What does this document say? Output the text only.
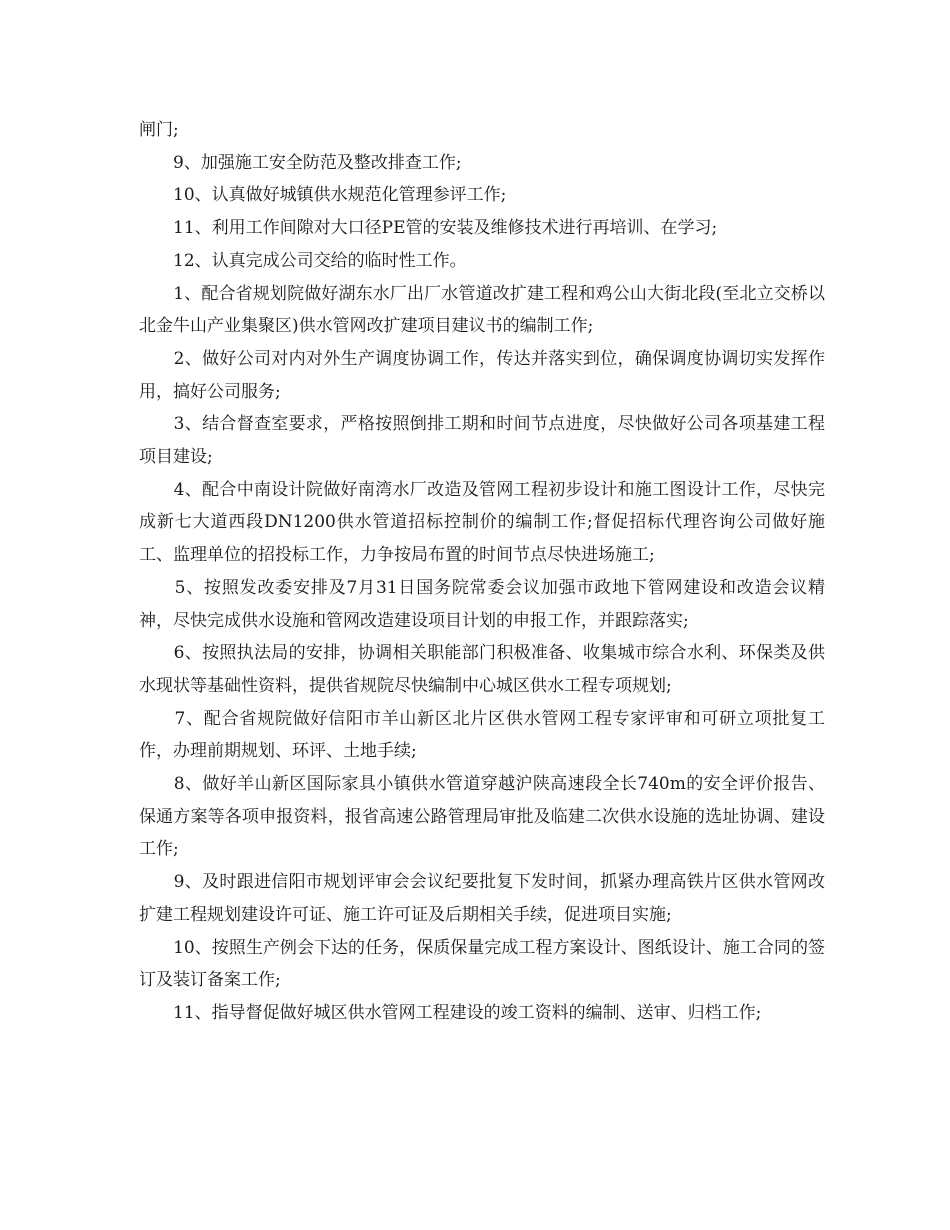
闸门;

　　9、加强施工安全防范及整改排查工作;

　　10、认真做好城镇供水规范化管理参评工作;

　　11、利用工作间隙对大口径PE管的安装及维修技术进行再培训、在学习;

　　12、认真完成公司交给的临时性工作。

　　1、配合省规划院做好湖东水厂出厂水管道改扩建工程和鸡公山大街北段(至北立交桥以北金牛山产业集聚区)供水管网改扩建项目建议书的编制工作;

　　2、做好公司对内对外生产调度协调工作，传达并落实到位，确保调度协调切实发挥作用，搞好公司服务;

　　3、结合督查室要求，严格按照倒排工期和时间节点进度，尽快做好公司各项基建工程项目建设;

　　4、配合中南设计院做好南湾水厂改造及管网工程初步设计和施工图设计工作，尽快完成新七大道西段DN1200供水管道招标控制价的编制工作;督促招标代理咨询公司做好施工、监理单位的招投标工作，力争按局布置的时间节点尽快进场施工;

　　5、按照发改委安排及7月31日国务院常委会议加强市政地下管网建设和改造会议精神，尽快完成供水设施和管网改造建设项目计划的申报工作，并跟踪落实;

　　6、按照执法局的安排，协调相关职能部门积极准备、收集城市综合水利、环保类及供水现状等基础性资料，提供省规院尽快编制中心城区供水工程专项规划;

　　7、配合省规院做好信阳市羊山新区北片区供水管网工程专家评审和可研立项批复工作，办理前期规划、环评、土地手续;

　　8、做好羊山新区国际家具小镇供水管道穿越沪陕高速段全长740m的安全评价报告、保通方案等各项申报资料，报省高速公路管理局审批及临建二次供水设施的选址协调、建设工作;

　　9、及时跟进信阳市规划评审会会议纪要批复下发时间，抓紧办理高铁片区供水管网改扩建工程规划建设许可证、施工许可证及后期相关手续，促进项目实施;

　　10、按照生产例会下达的任务，保质保量完成工程方案设计、图纸设计、施工合同的签订及装订备案工作;

　　11、指导督促做好城区供水管网工程建设的竣工资料的编制、送审、归档工作;
